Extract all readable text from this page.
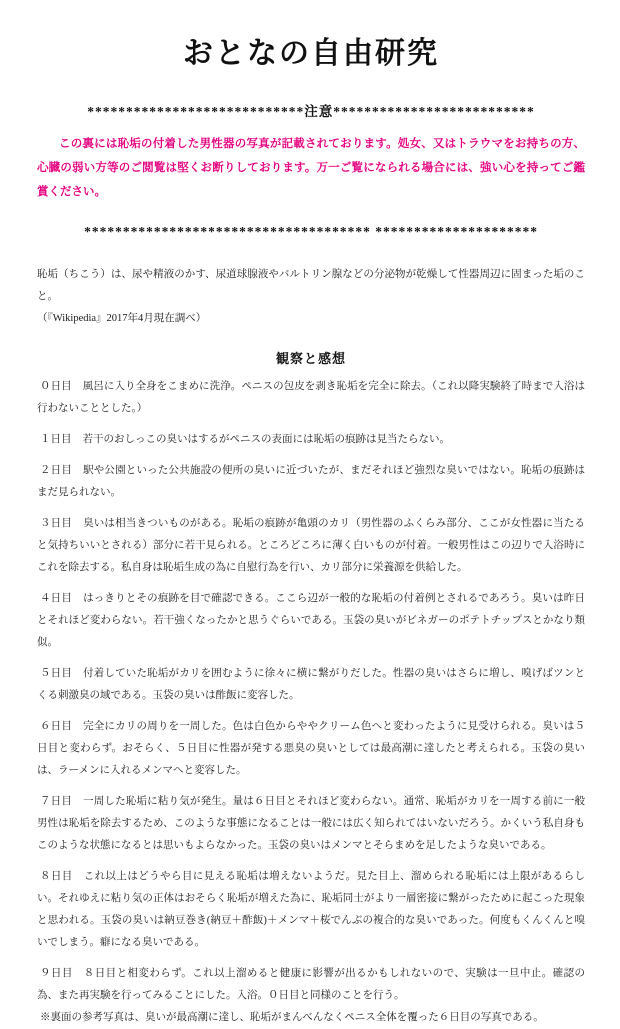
おとなの自由研究
****************************注意**************************

この裏には恥垢の付着した男性器の写真が記載されております。処女、又はトラウマをお持ちの方、心臓の弱い方等のご閲覧は堅くお断りしております。万一ご覧になられる場合には、強い心を持ってご鑑賞ください。

************************************* *********************

恥垢（ちこう）は、尿や精液のかす、尿道球腺液やバルトリン腺などの分泌物が乾燥して性器周辺に固まった垢のこと。
（『Wikipedia』2017年4月現在調べ）

観察と感想

０日目 風呂に入り全身をこまめに洗浄。ペニスの包皮を剥き恥垢を完全に除去。（これ以降実験終了時まで入浴は行わないこととした。）

１日目 若干のおしっこの臭いはするがペニスの表面には恥垢の痕跡は見当たらない。

２日目 駅や公園といった公共施設の便所の臭いに近づいたが、まだそれほど強烈な臭いではない。恥垢の痕跡はまだ見られない。

３日目 臭いは相当きついものがある。恥垢の痕跡が亀頭のカリ（男性器のふくらみ部分、ここが女性器に当たると気持ちいいとされる）部分に若干見られる。ところどころに薄く白いものが付着。一般男性はこの辺りで入浴時にこれを除去する。私自身は恥垢生成の為に自慰行為を行い、カリ部分に栄養源を供給した。

４日目 はっきりとその痕跡を目で確認できる。ここら辺が一般的な恥垢の付着例とされるであろう。臭いは昨日とそれほど変わらない。若干強くなったかと思うぐらいである。玉袋の臭いがビネガーのポテトチップスとかなり類似。

５日目 付着していた恥垢がカリを囲むように徐々に横に繋がりだした。性器の臭いはさらに増し、嗅げばツンとくる刺激臭の域である。玉袋の臭いは酢飯に変容した。

６日目 完全にカリの周りを一周した。色は白色からややクリーム色へと変わったように見受けられる。臭いは５日目と変わらず。おそらく、５日目に性器が発する悪臭の臭いとしては最高潮に達したと考えられる。玉袋の臭いは、ラーメンに入れるメンマへと変容した。

７日目 一周した恥垢に粘り気が発生。量は６日目とそれほど変わらない。通常、恥垢がカリを一周する前に一般男性は恥垢を除去するため、このような事態になることは一般には広く知られてはいないだろう。かくいう私自身もこのような状態になるとは思いもよらなかった。玉袋の臭いはメンマとそらまめを足したような臭いである。

８日目 これ以上はどうやら目に見える恥垢は増えないようだ。見た目上、溜められる恥垢には上限があるらしい。それゆえに粘り気の正体はおそらく恥垢が増えた為に、恥垢同士がより一層密接に繋がったために起こった現象と思われる。玉袋の臭いは納豆巻き(納豆＋酢飯)＋メンマ＋桜でんぶの複合的な臭いであった。何度もくんくんと嗅いでしまう。癖になる臭いである。

９日目 ８日目と相変わらず。これ以上溜めると健康に影響が出るかもしれないので、実験は一旦中止。確認の為、また再実験を行ってみることにした。入浴。０日目と同様のことを行う。

※裏面の参考写真は、臭いが最高潮に達し、恥垢がまんべんなくペニス全体を覆った６日目の写真である。
